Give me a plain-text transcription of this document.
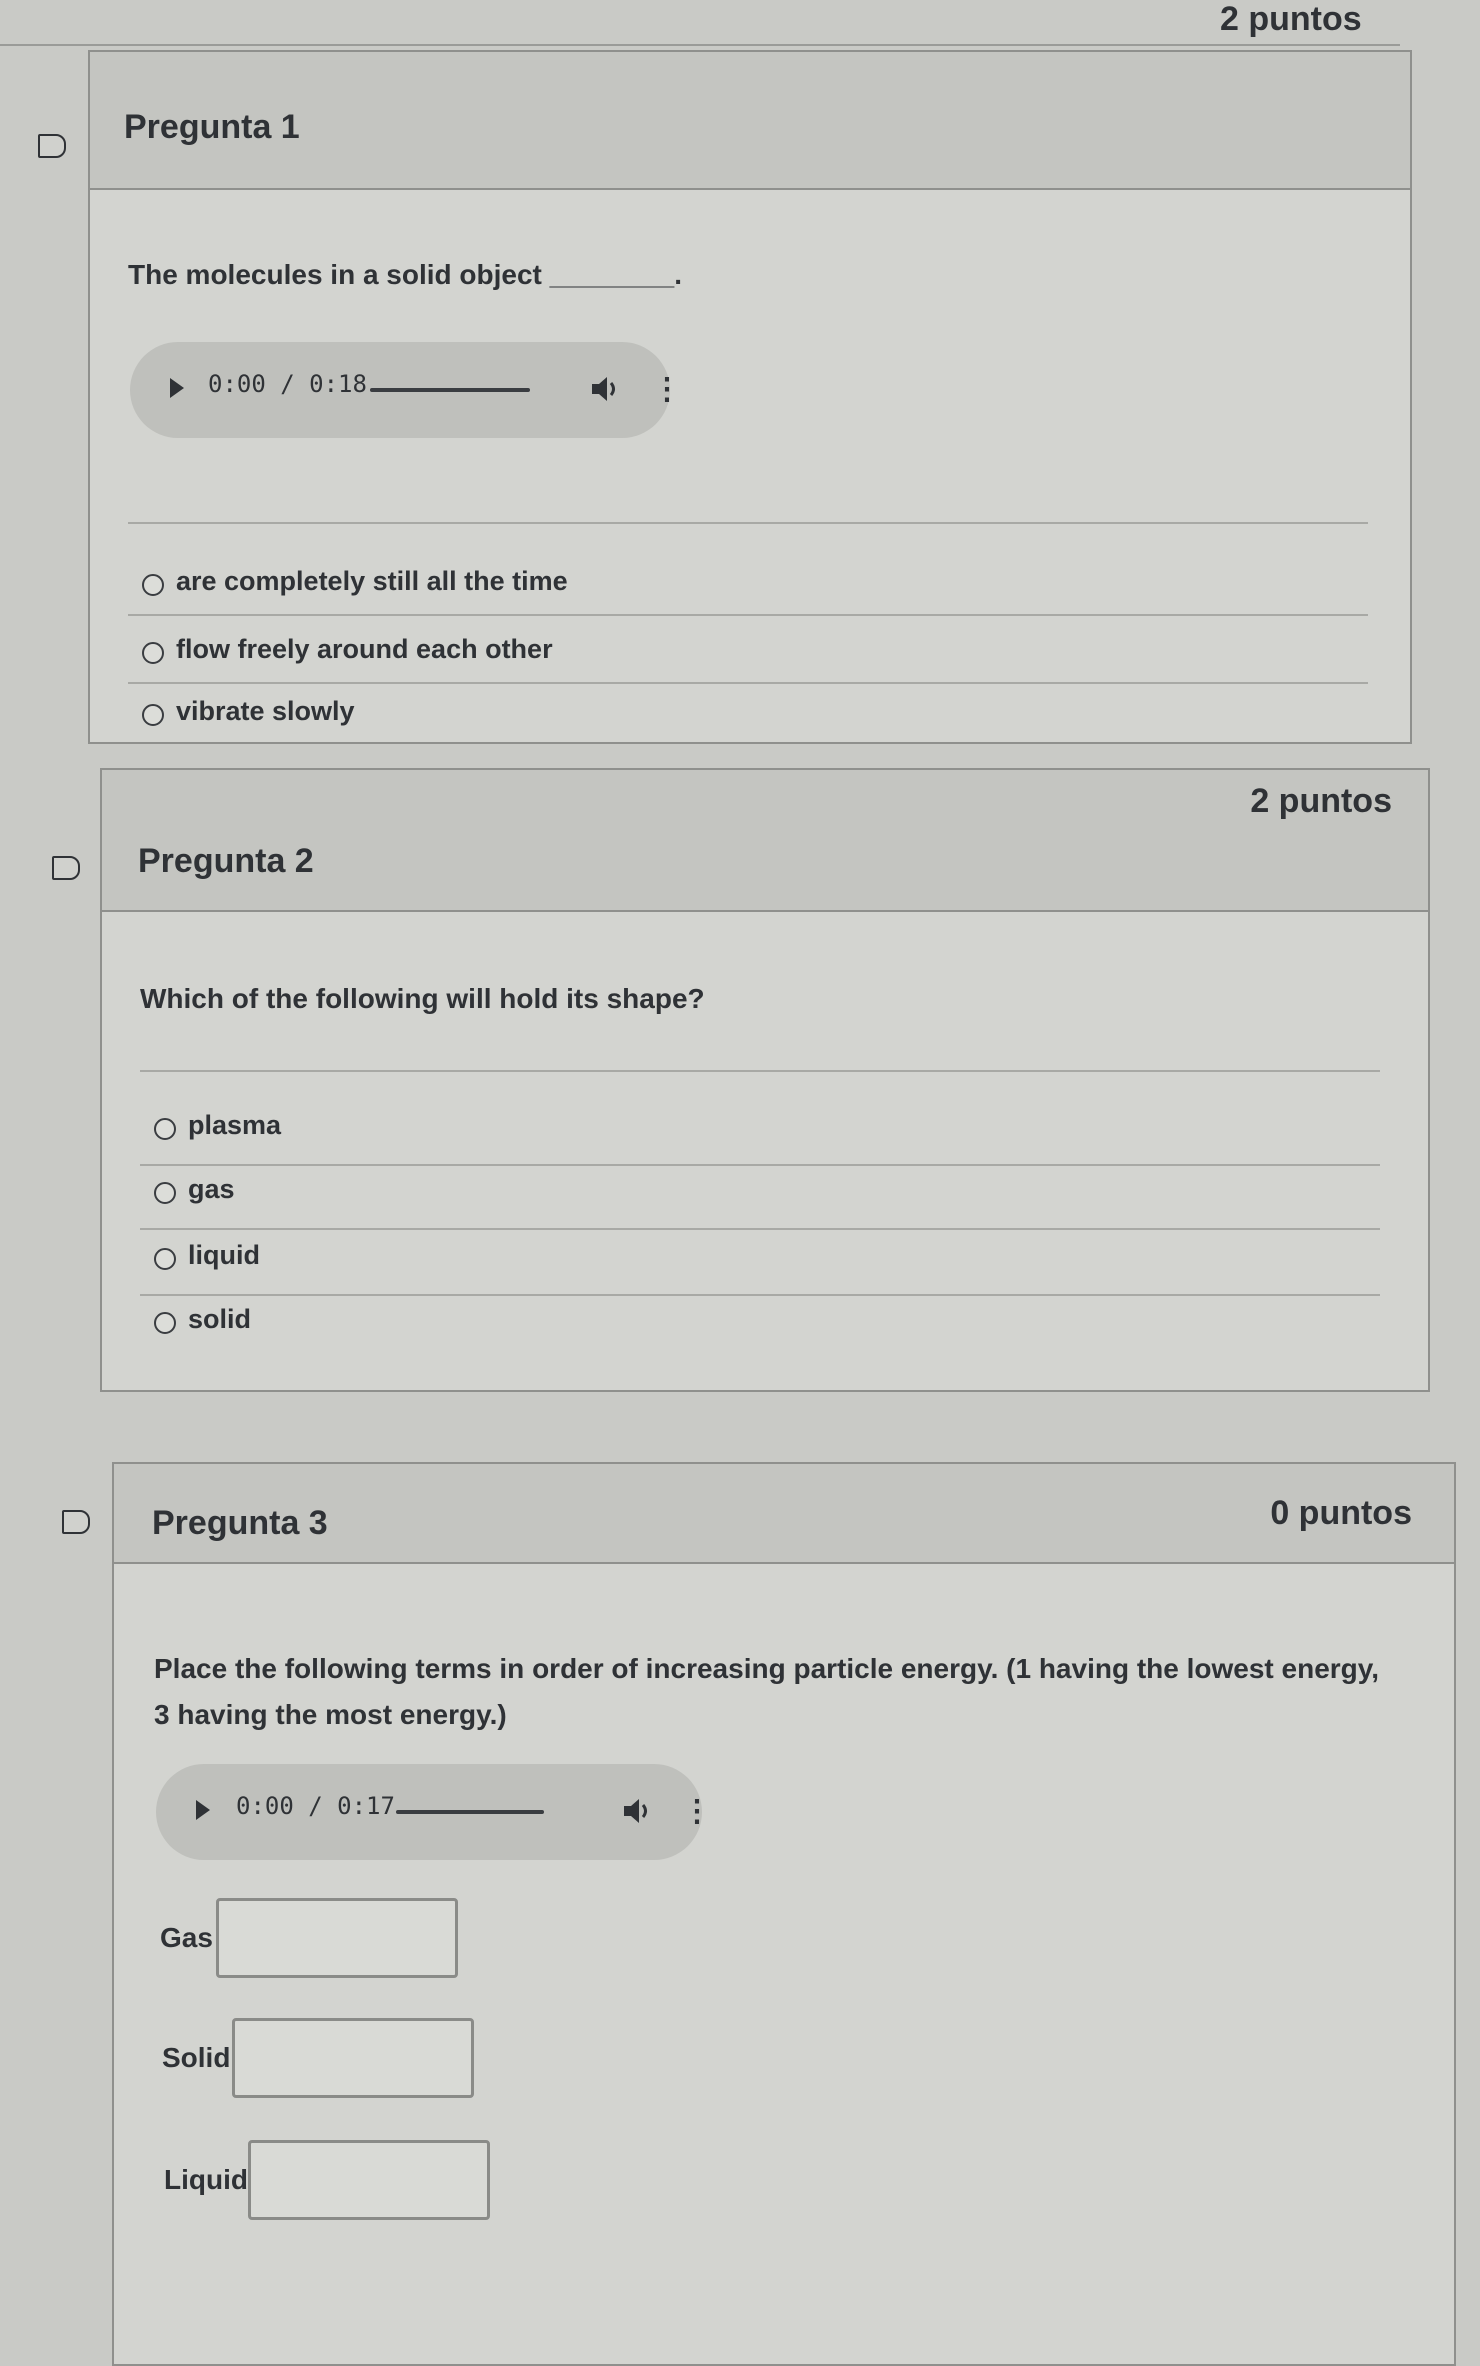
2 puntos
Pregunta 1
The molecules in a solid object ________.
0:00 / 0:18	⋮
are completely still all the time
flow freely around each other
vibrate slowly
Pregunta 2
2 puntos
Which of the following will hold its shape?
plasma
gas
liquid
solid
Pregunta 3	0 puntos
Place the following terms in order of increasing particle energy. (1 having the lowest energy, 3 having the most energy.)
0:00 / 0:17	⋮
Gas
Solid
Liquid
